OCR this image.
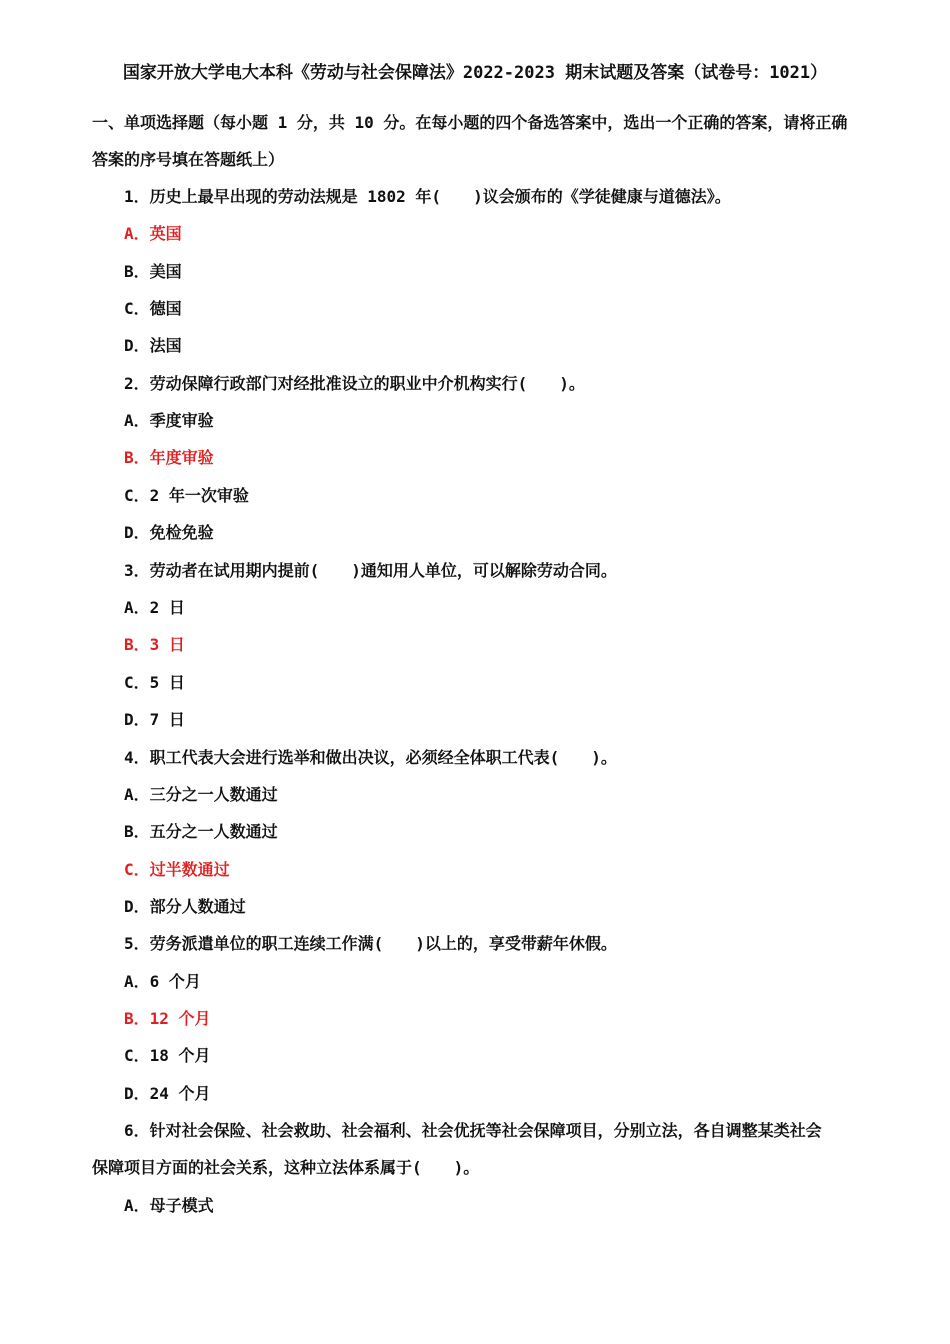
国家开放大学电大本科《劳动与社会保障法》2022-2023 期末试题及答案（试卷号：1021）
一、单项选择题（每小题 1 分，共 10 分。在每小题的四个备选答案中，选出一个正确的答案，请将正确
答案的序号填在答题纸上）
1．历史上最早出现的劳动法规是 1802 年(　　)议会颁布的《学徒健康与道德法》。
A．英国
B．美国
C．德国
D．法国
2．劳动保障行政部门对经批准设立的职业中介机构实行(　　)。
A．季度审验
B．年度审验
C．2 年一次审验
D．免检免验
3．劳动者在试用期内提前(　　)通知用人单位，可以解除劳动合同。
A．2 日
B．3 日
C．5 日
D．7 日
4．职工代表大会进行选举和做出决议，必须经全体职工代表(　　)。
A．三分之一人数通过
B．五分之一人数通过
C．过半数通过
D．部分人数通过
5．劳务派遣单位的职工连续工作满(　　)以上的，享受带薪年休假。
A．6 个月
B．12 个月
C．18 个月
D．24 个月
6．针对社会保险、社会救助、社会福利、社会优抚等社会保障项目，分别立法，各自调整某类社会
保障项目方面的社会关系，这种立法体系属于(　　)。
A．母子模式
